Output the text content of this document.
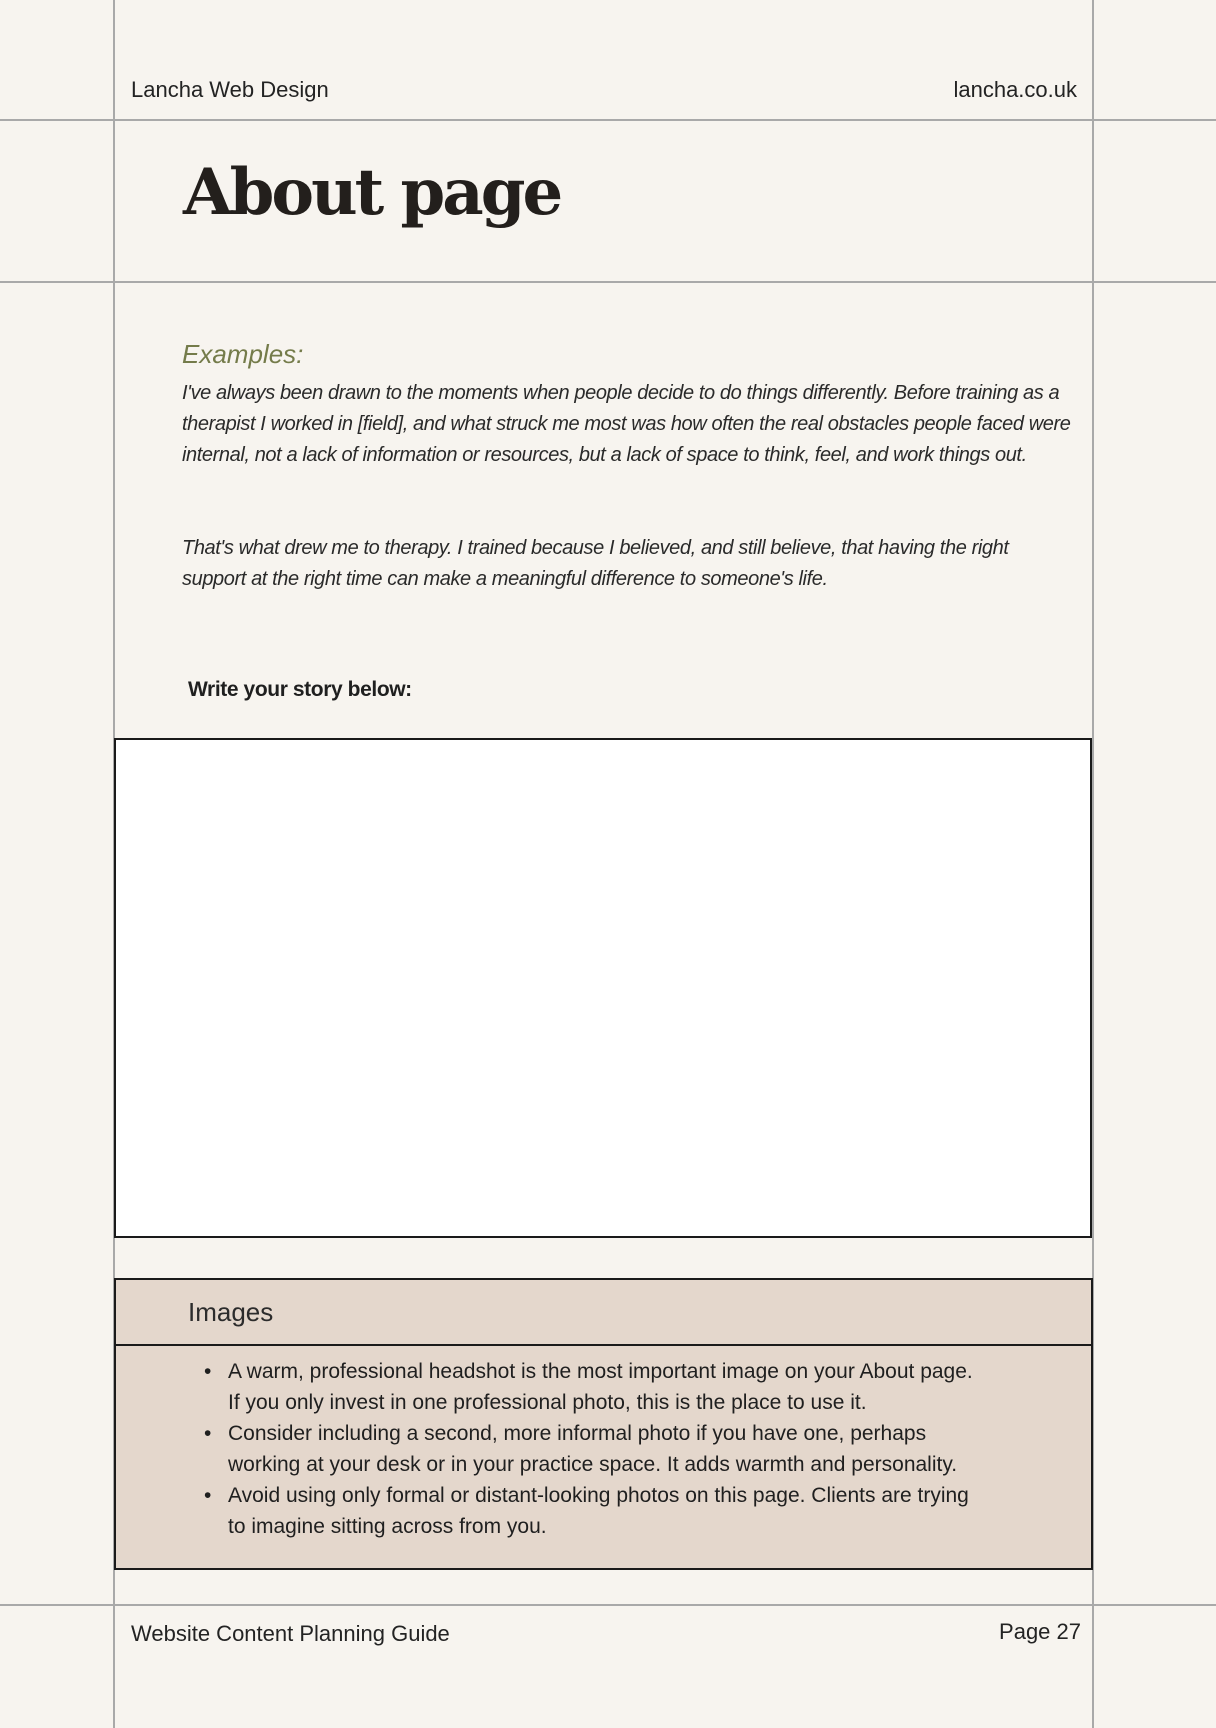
Lancha Web Design	lancha.co.uk
About page
Examples:

I've always been drawn to the moments when people decide to do things differently. Before training as a therapist I worked in [field], and what struck me most was how often the real obstacles people faced were internal, not a lack of information or resources, but a lack of space to think, feel, and work things out.

That's what drew me to therapy. I trained because I believed, and still believe, that having the right support at the right time can make a meaningful difference to someone's life.

Write your story below:
Images
• A warm, professional headshot is the most important image on your About page.
If you only invest in one professional photo, this is the place to use it.
• Consider including a second, more informal photo if you have one, perhaps
working at your desk or in your practice space. It adds warmth and personality.
• Avoid using only formal or distant-looking photos on this page. Clients are trying
to imagine sitting across from you.
Website Content Planning Guide	Page 27
